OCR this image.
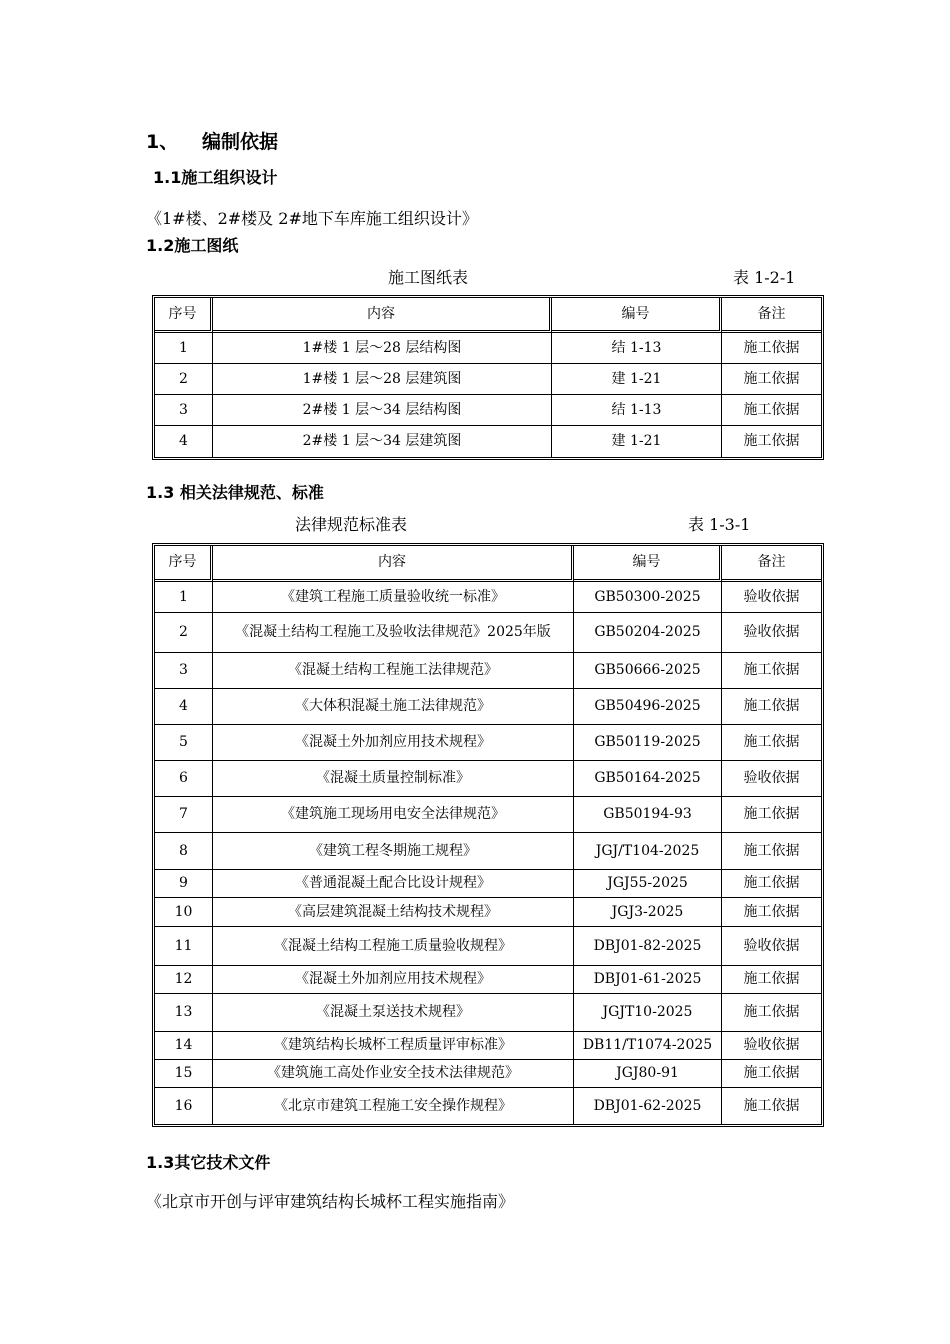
1、 编制依据
1.1施工组织设计
《1#楼、2#楼及 2#地下车库施工组织设计》
1.2施工图纸
施工图纸表	表 1-2-1
序号	内容	编号	备注
1	1#楼 1 层～28 层结构图	结 1-13	施工依据
2	1#楼 1 层～28 层建筑图	建 1-21	施工依据
3	2#楼 1 层～34 层结构图	结 1-13	施工依据
4	2#楼 1 层～34 层建筑图	建 1-21	施工依据
1.3 相关法律规范、标准
法律规范标准表	表 1-3-1
序号	内容	编号	备注
1	《建筑工程施工质量验收统一标准》	GB50300-2025	验收依据
2	《混凝土结构工程施工及验收法律规范》2025年版	GB50204-2025	验收依据
3	《混凝土结构工程施工法律规范》	GB50666-2025	施工依据
4	《大体积混凝土施工法律规范》	GB50496-2025	施工依据
5	《混凝土外加剂应用技术规程》	GB50119-2025	施工依据
6	《混凝土质量控制标准》	GB50164-2025	验收依据
7	《建筑施工现场用电安全法律规范》	GB50194-93	施工依据
8	《建筑工程冬期施工规程》	JGJ/T104-2025	施工依据
9	《普通混凝土配合比设计规程》	JGJ55-2025	施工依据
10	《高层建筑混凝土结构技术规程》	JGJ3-2025	施工依据
11	《混凝土结构工程施工质量验收规程》	DBJ01-82-2025	验收依据
12	《混凝土外加剂应用技术规程》	DBJ01-61-2025	施工依据
13	《混凝土泵送技术规程》	JGJT10-2025	施工依据
14	《建筑结构长城杯工程质量评审标准》	DB11/T1074-2025	验收依据
15	《建筑施工高处作业安全技术法律规范》	JGJ80-91	施工依据
16	《北京市建筑工程施工安全操作规程》	DBJ01-62-2025	施工依据
1.3其它技术文件
《北京市开创与评审建筑结构长城杯工程实施指南》
